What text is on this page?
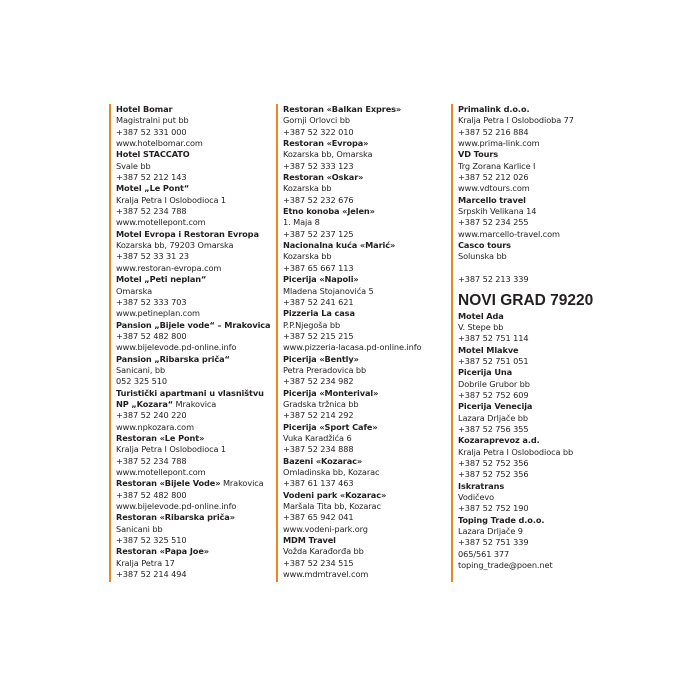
Hotel Bomar
Magistralni put bb
+387 52 331 000
www.hotelbomar.com
Hotel STACCATO
Svale bb
+387 52 212 143
Motel „Le Pont“
Kralja Petra I Oslobodioca 1
+387 52 234 788
www.motellepont.com
Motel Evropa i Restoran Evropa
Kozarska bb, 79203 Omarska
+387 52 33 31 23
www.restoran-evropa.com
Motel „Peti neplan“
Omarska
+387 52 333 703
www.petineplan.com
Pansion „Bijele vode“ – Mrakovica
+387 52 482 800
www.bijelevode.pd-online.info
Pansion „Ribarska priča“
Sanicani, bb
052 325 510
Turistički apartmani u vlasništvu
NP „Kozara“ Mrakovica
+387 52 240 220
www.npkozara.com
Restoran «Le Pont»
Kralja Petra I Oslobodioca 1
+387 52 234 788
www.motellepont.com
Restoran «Bijele Vode» Mrakovica
+387 52 482 800
www.bijelevode.pd-online.info
Restoran «Ribarska priča»
Sanicani bb
+387 52 325 510
Restoran «Papa Joe»
Kralja Petra 17
+387 52 214 494
Restoran «Balkan Expres»
Gornji Orlovci bb
+387 52 322 010
Restoran «Evropa»
Kozarska bb, Omarska
+387 52 333 123
Restoran «Oskar»
Kozarska bb
+387 52 232 676
Etno konoba «Jelen»
1. Maja 8
+387 52 237 125
Nacionalna kuća «Marić»
Kozarska bb
+387 65 667 113
Picerija «Napoli»
Mladena Stojanovića 5
+387 52 241 621
Pizzeria La casa
P.P.Njegoša bb
+387 52 215 215
www.pizzeria-lacasa.pd-online.info
Picerija «Bently»
Petra Preradovica bb
+387 52 234 982
Picerija «Monterival»
Gradska tržnica bb
+387 52 214 292
Picerija «Sport Cafe»
Vuka Karadžića 6
+387 52 234 888
Bazeni «Kozarac»
Omladinska bb, Kozarac
+387 61 137 463
Vodeni park «Kozarac»
Maršala Tita bb, Kozarac
+387 65 942 041
www.vodeni-park.org
MDM Travel
Vožda Karađorđa bb
+387 52 234 515
www.mdmtravel.com
Primalink d.o.o.
Kralja Petra I Oslobodioba 77
+387 52 216 884
www.prima-link.com
VD Tours
Trg Zorana Karlice I
+387 52 212 026
www.vdtours.com
Marcello travel
Srpskih Velikana 14
+387 52 234 255
www.marcello-travel.com
Casco tours
Solunska bb
+387 52 213 339
NOVI GRAD 79220
Motel Ada
V. Stepe bb
+387 52 751 114
Motel Mlakve
+387 52 751 051
Picerija Una
Dobrile Grubor bb
+387 52 752 609
Picerija Venecija
Lazara Drljače bb
+387 52 756 355
Kozaraprevoz a.d.
Kralja Petra I Oslobodioca bb
+387 52 752 356
+387 52 752 356
Iskratrans
Vodičevo
+387 52 752 190
Toping Trade d.o.o.
Lazara Drljače 9
+387 52 751 339
065/561 377
toping_trade@poen.net
